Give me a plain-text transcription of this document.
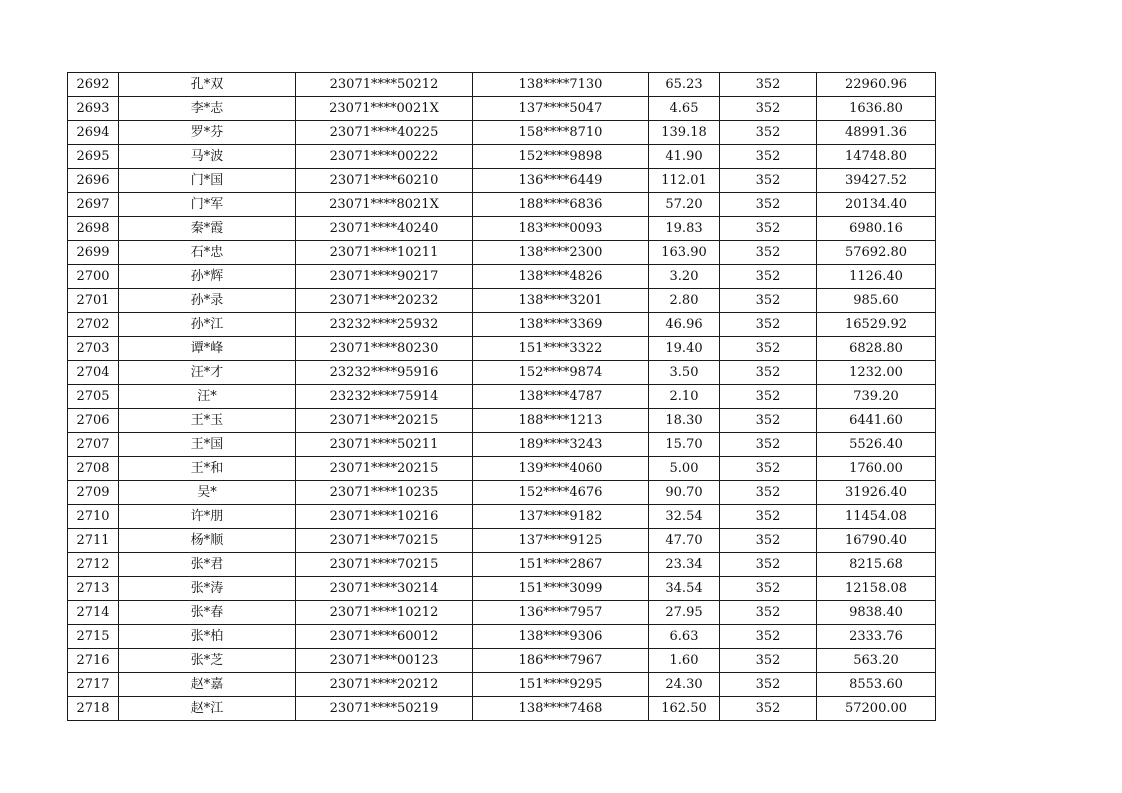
2692	孔*双	23071****50212	138****7130	65.23	352	22960.96
2693	李*志	23071****0021X	137****5047	4.65	352	1636.80
2694	罗*芬	23071****40225	158****8710	139.18	352	48991.36
2695	马*波	23071****00222	152****9898	41.90	352	14748.80
2696	门*国	23071****60210	136****6449	112.01	352	39427.52
2697	门*军	23071****8021X	188****6836	57.20	352	20134.40
2698	秦*霞	23071****40240	183****0093	19.83	352	6980.16
2699	石*忠	23071****10211	138****2300	163.90	352	57692.80
2700	孙*辉	23071****90217	138****4826	3.20	352	1126.40
2701	孙*录	23071****20232	138****3201	2.80	352	985.60
2702	孙*江	23232****25932	138****3369	46.96	352	16529.92
2703	谭*峰	23071****80230	151****3322	19.40	352	6828.80
2704	汪*才	23232****95916	152****9874	3.50	352	1232.00
2705	汪*	23232****75914	138****4787	2.10	352	739.20
2706	王*玉	23071****20215	188****1213	18.30	352	6441.60
2707	王*国	23071****50211	189****3243	15.70	352	5526.40
2708	王*和	23071****20215	139****4060	5.00	352	1760.00
2709	吴*	23071****10235	152****4676	90.70	352	31926.40
2710	许*朋	23071****10216	137****9182	32.54	352	11454.08
2711	杨*顺	23071****70215	137****9125	47.70	352	16790.40
2712	张*君	23071****70215	151****2867	23.34	352	8215.68
2713	张*涛	23071****30214	151****3099	34.54	352	12158.08
2714	张*春	23071****10212	136****7957	27.95	352	9838.40
2715	张*柏	23071****60012	138****9306	6.63	352	2333.76
2716	张*芝	23071****00123	186****7967	1.60	352	563.20
2717	赵*嘉	23071****20212	151****9295	24.30	352	8553.60
2718	赵*江	23071****50219	138****7468	162.50	352	57200.00
